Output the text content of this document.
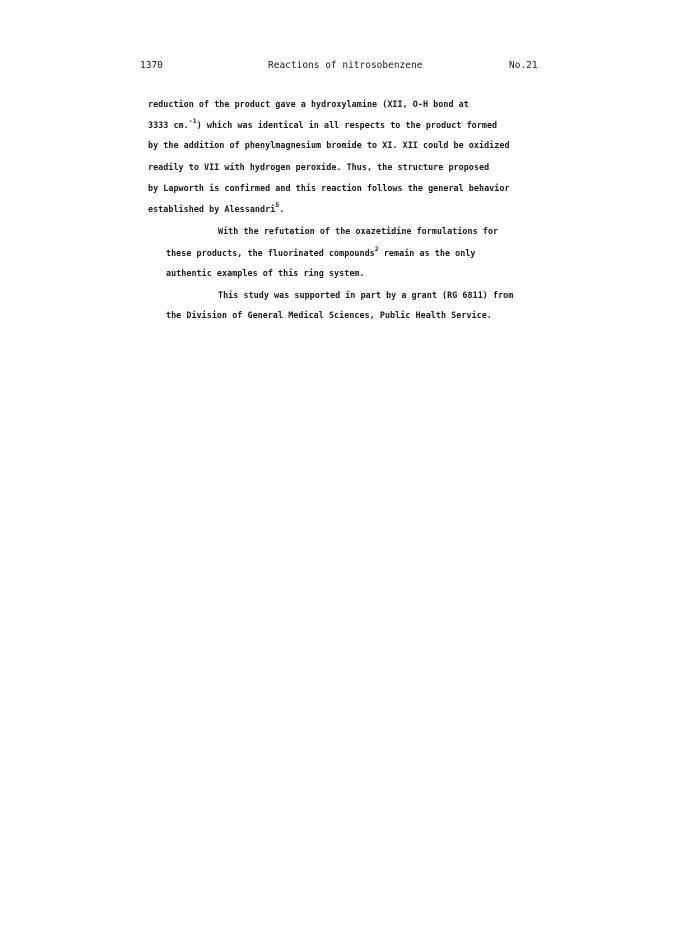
1370	Reactions of nitrosobenzene	No.21
reduction of the product gave a hydroxylamine (XII, O-H bond at
3333 cm.$^{-1}$) which was identical in all respects to the product formed
by the addition of phenylmagnesium bromide to XI. XII could be oxidized
readily to VII with hydrogen peroxide. Thus, the structure proposed
by Lapworth is confirmed and this reaction follows the general behavior
established by Alessandri$^5$.
With the refutation of the oxazetidine formulations for
these products, the fluorinated compounds$^2$ remain as the only
authentic examples of this ring system.
This study was supported in part by a grant (RG 6811) from
the Division of General Medical Sciences, Public Health Service.
